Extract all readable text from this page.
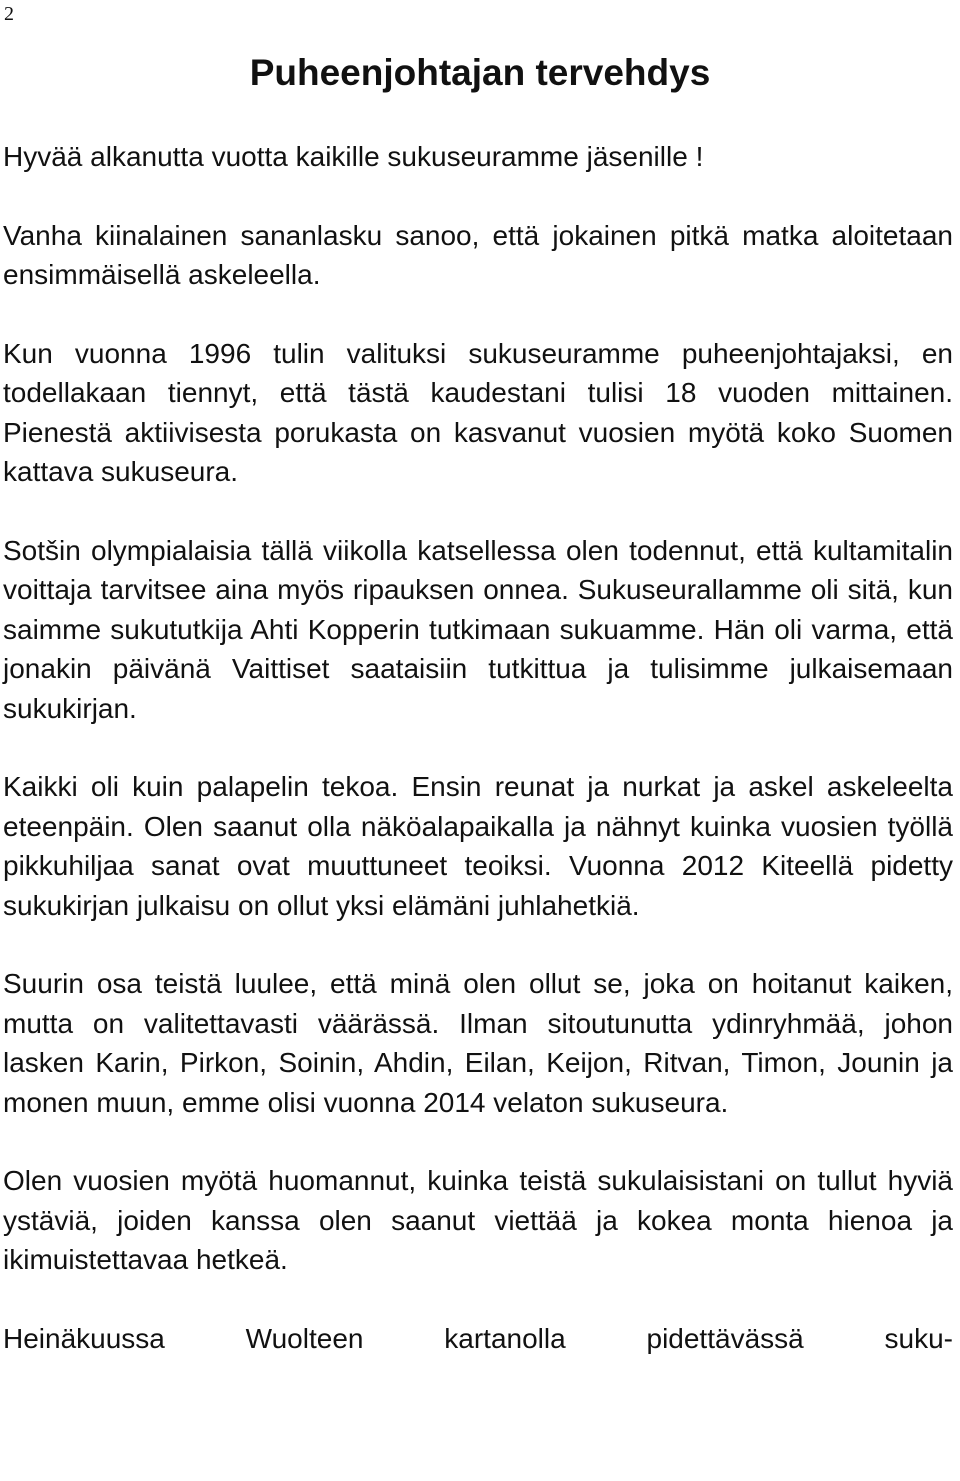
2
Puheenjohtajan tervehdys

Hyvää alkanutta vuotta kaikille sukuseuramme jäsenille !

Vanha kiinalainen sananlasku sanoo, että jokainen pitkä matka aloitetaan ensimmäisellä askeleella.

Kun vuonna 1996 tulin valituksi sukuseuramme puheenjohtajaksi, en todellakaan tiennyt, että tästä kaudestani tulisi 18 vuoden mittainen. Pienestä aktiivisesta porukasta on kasvanut vuosien myötä koko Suomen kattava sukuseura.

Sotšin olympialaisia tällä viikolla katsellessa olen todennut, että kultamitalin voittaja tarvitsee aina myös ripauksen onnea. Sukuseurallamme oli sitä, kun saimme sukututkija Ahti Kopperin tutkimaan sukuamme. Hän oli varma, että jonakin päivänä Vaittiset saataisiin tutkittua ja tulisimme julkaisemaan sukukirjan.

Kaikki oli kuin palapelin tekoa. Ensin reunat ja nurkat ja askel askeleelta eteenpäin. Olen saanut olla näköalapaikalla ja nähnyt kuinka vuosien työllä pikkuhiljaa sanat ovat muuttuneet teoiksi. Vuonna 2012 Kiteellä pidetty sukukirjan julkaisu on ollut yksi elämäni juhlahetkiä.

Suurin osa teistä luulee, että minä olen ollut se, joka on hoitanut kaiken, mutta on valitettavasti väärässä. Ilman sitoutunutta ydinryhmää, johon lasken Karin, Pirkon, Soinin, Ahdin, Eilan, Keijon, Ritvan, Timon, Jounin ja monen muun, emme olisi vuonna 2014 velaton sukuseura.

Olen vuosien myötä huomannut, kuinka teistä sukulaisistani on tullut hyviä ystäviä, joiden kanssa olen saanut viettää ja kokea monta hienoa ja ikimuistettavaa hetkeä.

Heinäkuussa Wuolteen kartanolla pidettävässä suku-
